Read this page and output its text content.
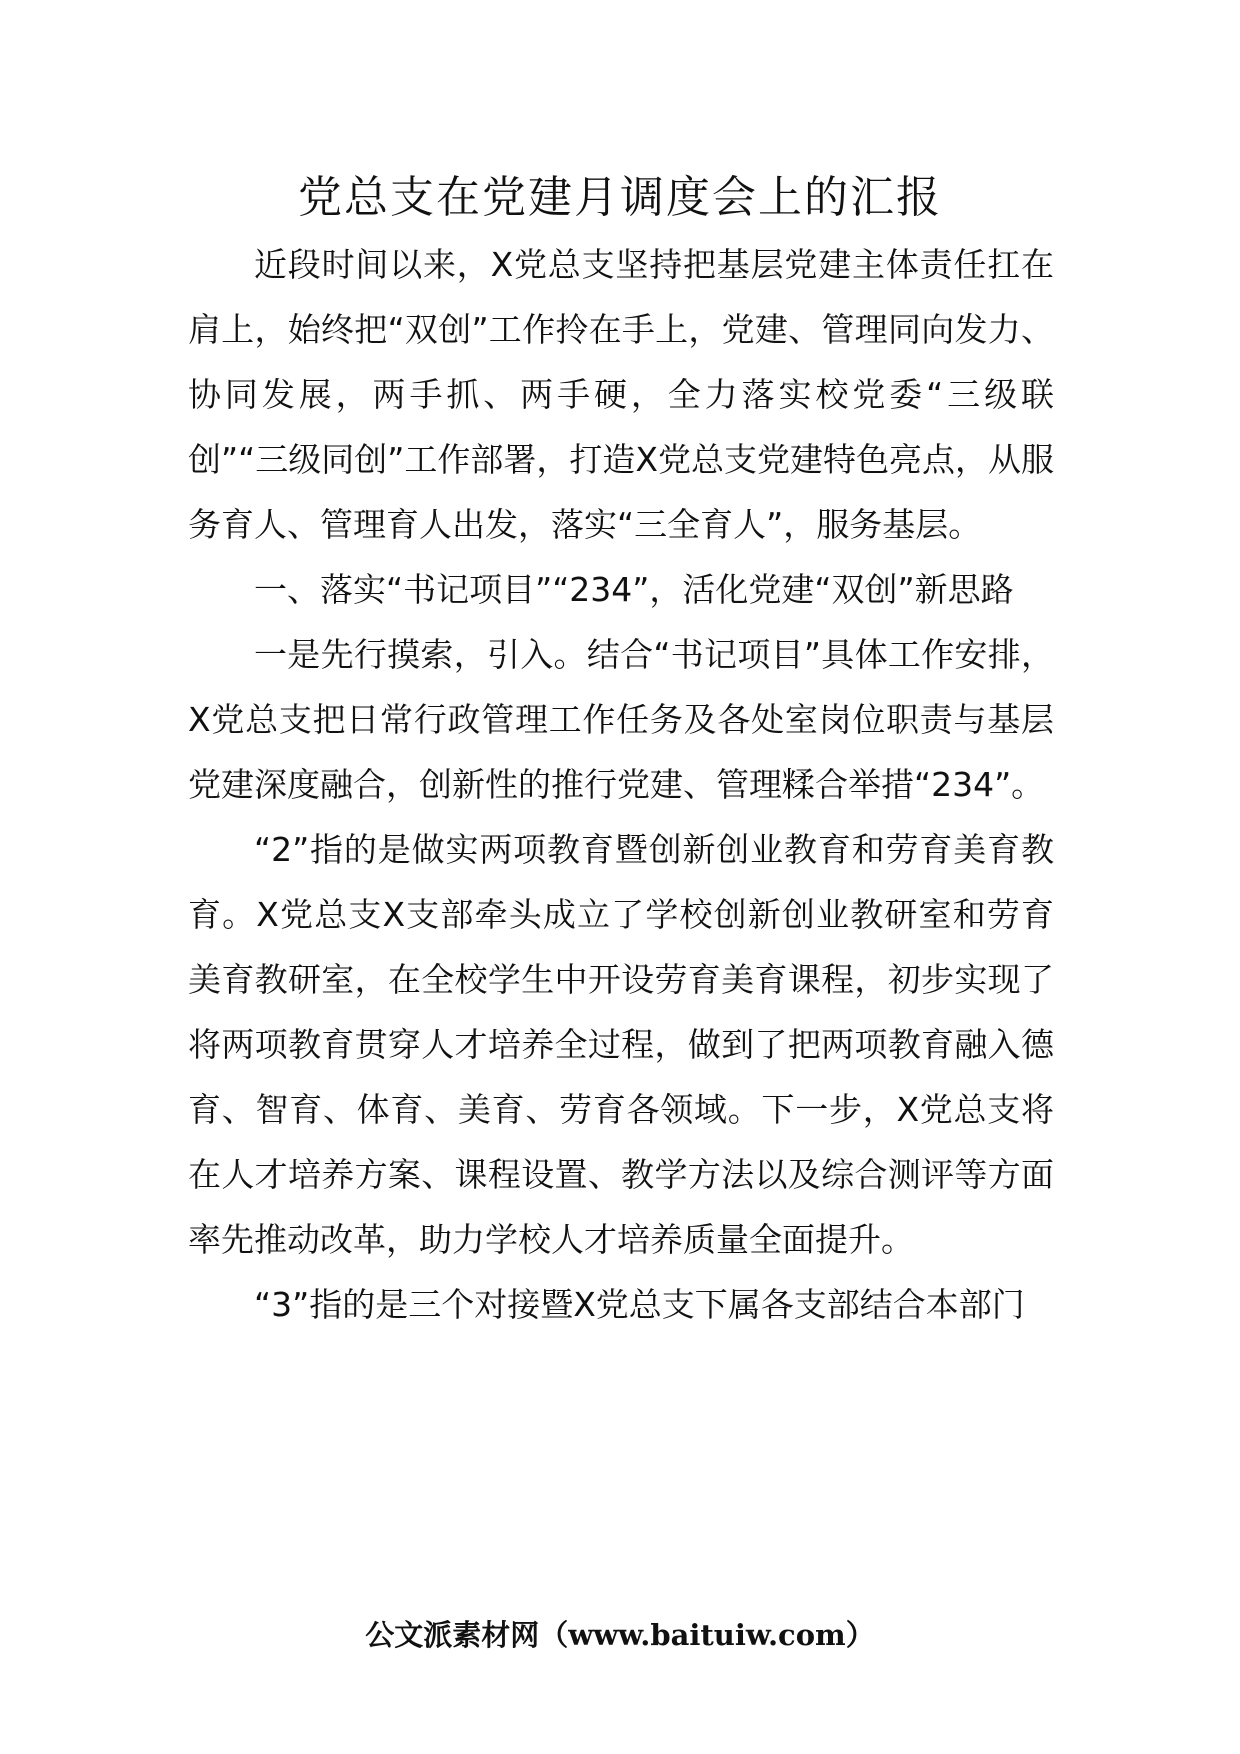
党总支在党建月调度会上的汇报

近段时间以来，X党总支坚持把基层党建主体责任扛在肩上，始终把“双创”工作拎在手上，党建、管理同向发力、协同发展，两手抓、两手硬，全力落实校党委“三级联创”“三级同创”工作部署，打造X党总支党建特色亮点，从服务育人、管理育人出发，落实“三全育人”，服务基层。

一、落实“书记项目”“234”，活化党建“双创”新思路

一是先行摸索，引入。结合“书记项目”具体工作安排，X党总支把日常行政管理工作任务及各处室岗位职责与基层党建深度融合，创新性的推行党建、管理糅合举措“234”。

“2”指的是做实两项教育暨创新创业教育和劳育美育教育。X党总支X支部牵头成立了学校创新创业教研室和劳育美育教研室，在全校学生中开设劳育美育课程，初步实现了将两项教育贯穿人才培养全过程，做到了把两项教育融入德育、智育、体育、美育、劳育各领域。下一步，X党总支将在人才培养方案、课程设置、教学方法以及综合测评等方面率先推动改革，助力学校人才培养质量全面提升。

“3”指的是三个对接暨X党总支下属各支部结合本部门

公文派素材网（www.baituiw.com）
